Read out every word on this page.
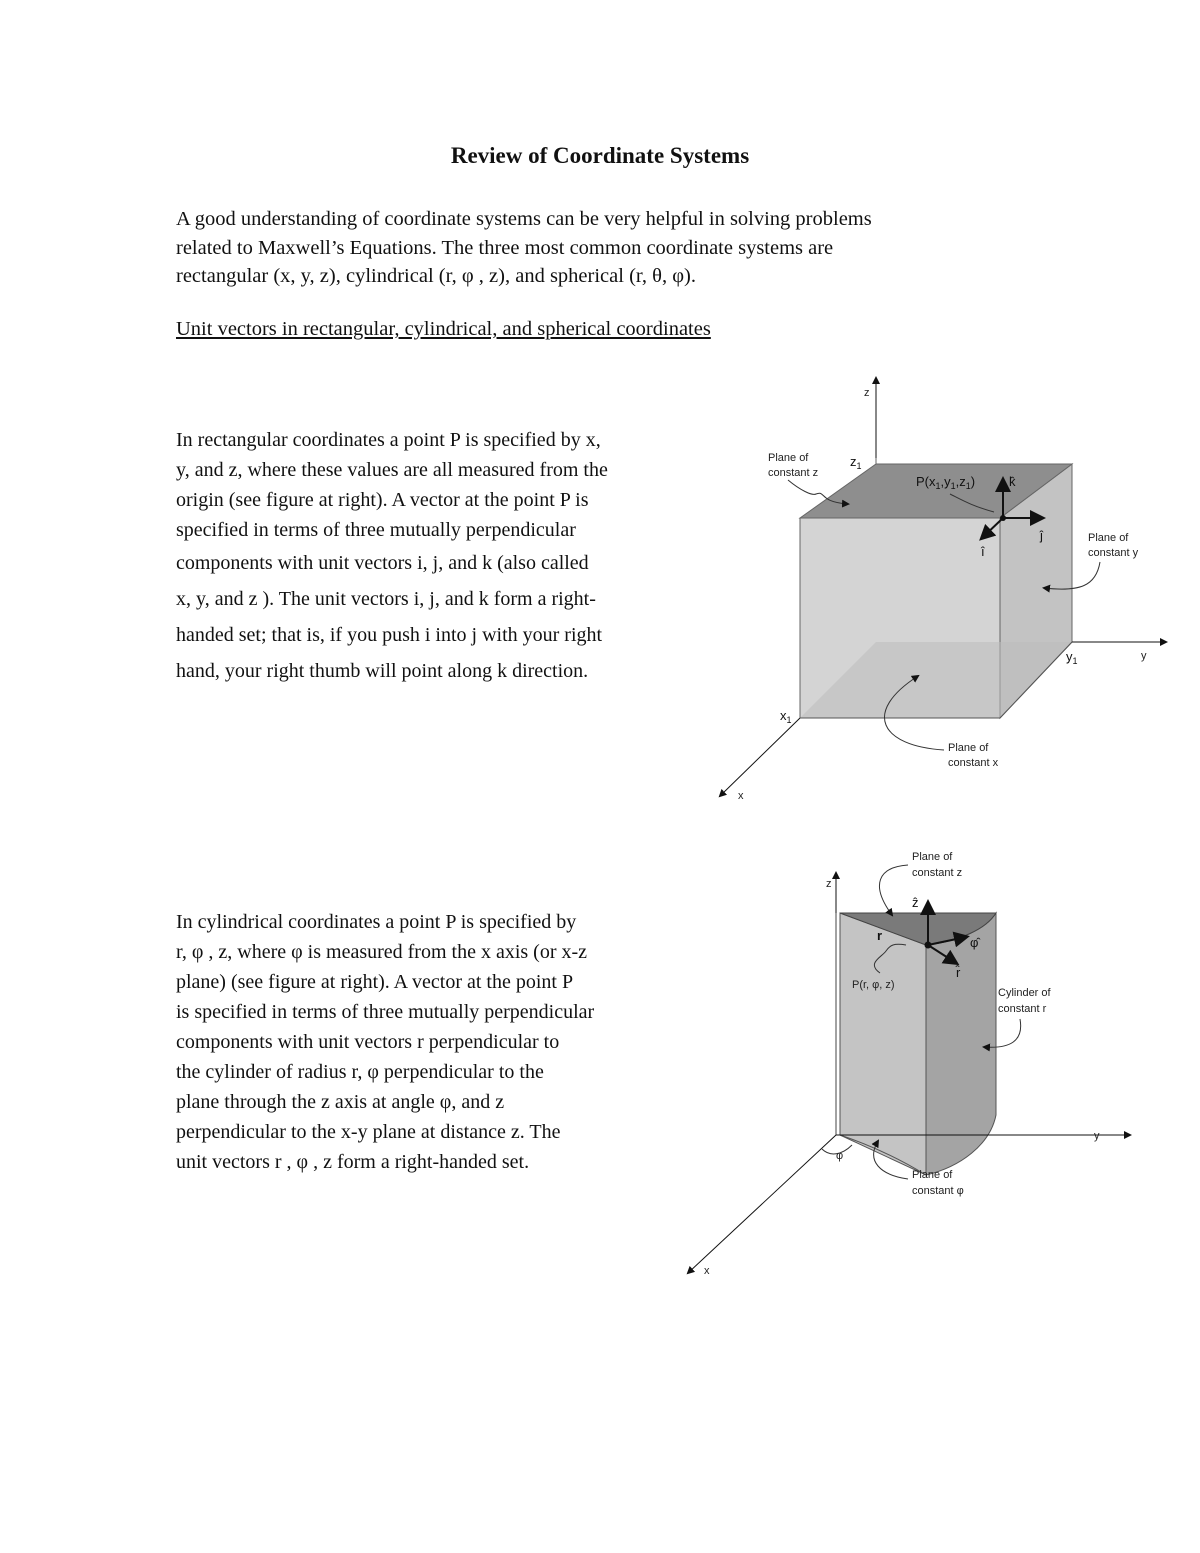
Review of Coordinate Systems
A good understanding of coordinate systems can be very helpful in solving problems
related to Maxwell’s Equations. The three most common coordinate systems are
rectangular (x, y, z), cylindrical (r, φ , z), and spherical (r, θ, φ).
Unit vectors in rectangular, cylindrical, and spherical coordinates
In rectangular coordinates a point P is specified by x,
y, and z, where these values are all measured from the
origin (see figure at right). A vector at the point P is
specified in terms of three mutually perpendicular
components with unit vectors i, j, and k (also called
x, y, and z ). The unit vectors i, j, and k form a right-
handed set; that is, if you push i into j with your right
hand, your right thumb will point along k direction.
In cylindrical coordinates a point P is specified by
r, φ , z, where φ is measured from the x axis (or x-z
plane) (see figure at right). A vector at the point P
is specified in terms of three mutually perpendicular
components with unit vectors r perpendicular to
the cylinder of radius r, φ perpendicular to the
plane through the z axis at angle φ, and z
perpendicular to the x-y plane at distance z. The
unit vectors r , φ , z form a right-handed set.
z
y
x
$z_1$
$y_1$
$x_1$
$P(x_1,y_1,z_1)$	k̂
ĵ
î
Plane of
constant z
Plane of
constant y
Plane of
constant x
z
y
x
φ
ẑ
φ̂
r̂
r
P(r, φ, z)
Plane of
constant z
Cylinder of
constant r
Plane of
constant φ
